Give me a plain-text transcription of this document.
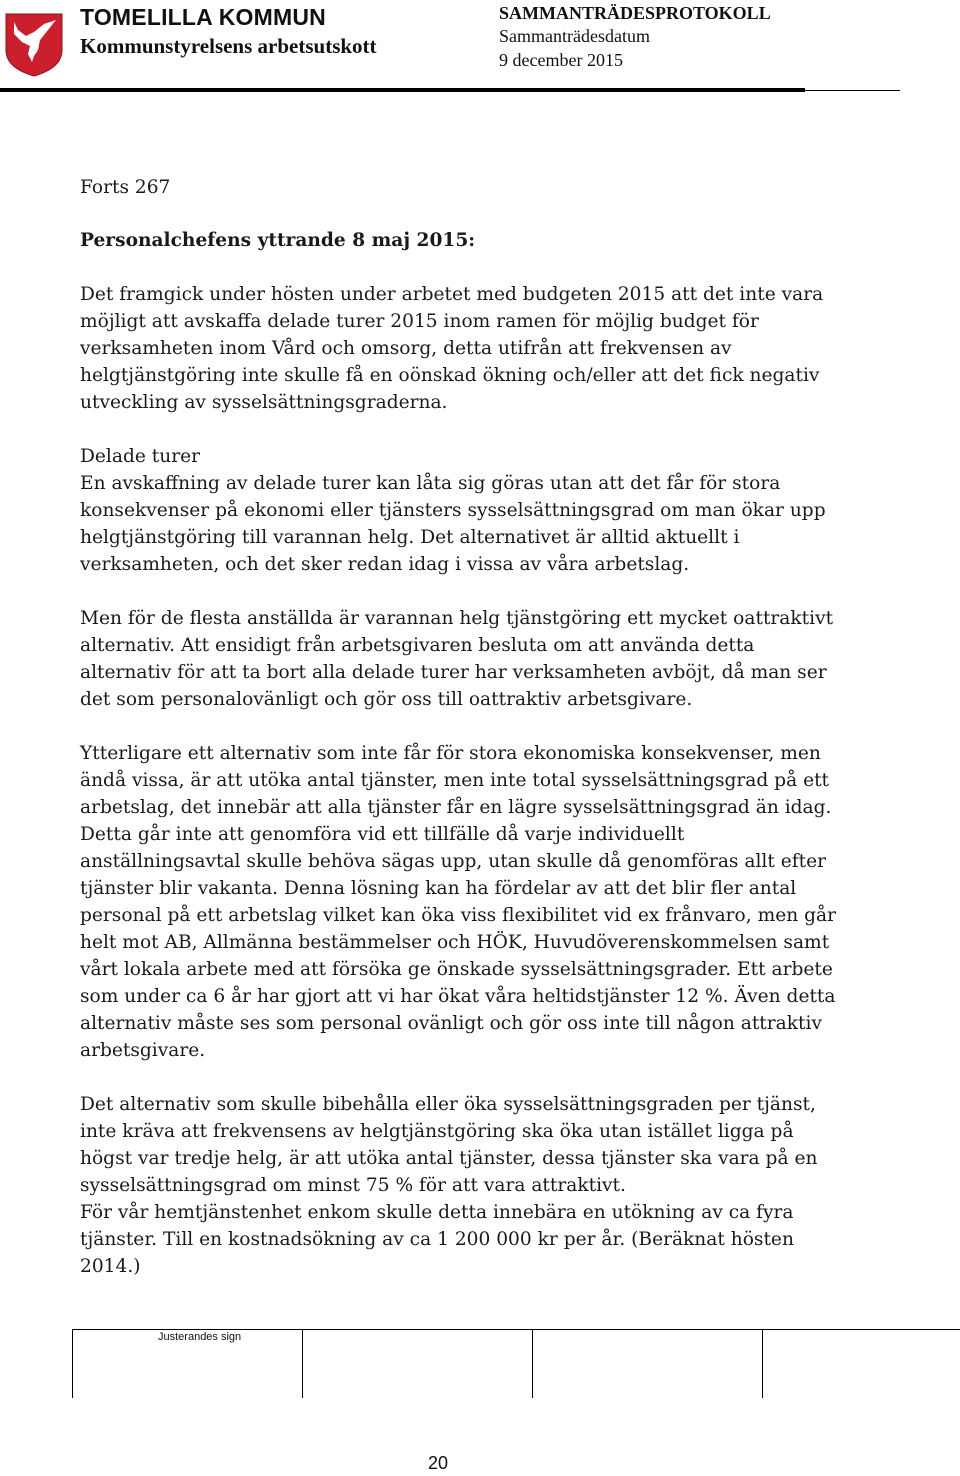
TOMELILLA KOMMUN
Kommunstyrelsens arbetsutskott
SAMMANTRÄDESPROTOKOLL
Sammanträdesdatum
9 december 2015

Forts 267

Personalchefens yttrande 8 maj 2015:

Det framgick under hösten under arbetet med budgeten 2015 att det inte vara möjligt att avskaffa delade turer 2015 inom ramen för möjlig budget för verksamheten inom Vård och omsorg, detta utifrån att frekvensen av helgtjänstgöring inte skulle få en oönskad ökning och/eller att det fick negativ utveckling av sysselsättningsgraderna.

Delade turer

En avskaffning av delade turer kan låta sig göras utan att det får för stora konsekvenser på ekonomi eller tjänsters sysselsättningsgrad om man ökar upp helgtjänstgöring till varannan helg. Det alternativet är alltid aktuellt i verksamheten, och det sker redan idag i vissa av våra arbetslag.

Men för de flesta anställda är varannan helg tjänstgöring ett mycket oattraktivt alternativ. Att ensidigt från arbetsgivaren besluta om att använda detta alternativ för att ta bort alla delade turer har verksamheten avböjt, då man ser det som personalovänligt och gör oss till oattraktiv arbetsgivare.

Ytterligare ett alternativ som inte får för stora ekonomiska konsekvenser, men ändå vissa, är att utöka antal tjänster, men inte total sysselsättningsgrad på ett arbetslag, det innebär att alla tjänster får en lägre sysselsättningsgrad än idag. Detta går inte att genomföra vid ett tillfälle då varje individuellt anställningsavtal skulle behöva sägas upp, utan skulle då genomföras allt efter tjänster blir vakanta. Denna lösning kan ha fördelar av att det blir fler antal personal på ett arbetslag vilket kan öka viss flexibilitet vid ex frånvaro, men går helt mot AB, Allmänna bestämmelser och HÖK, Huvudöverenskommelsen samt vårt lokala arbete med att försöka ge önskade sysselsättningsgrader. Ett arbete som under ca 6 år har gjort att vi har ökat våra heltidstjänster 12 %. Även detta alternativ måste ses som personal ovänligt och gör oss inte till någon attraktiv arbetsgivare.

Det alternativ som skulle bibehålla eller öka sysselsättningsgraden per tjänst, inte kräva att frekvensens av helgtjänstgöring ska öka utan istället ligga på högst var tredje helg, är att utöka antal tjänster, dessa tjänster ska vara på en sysselsättningsgrad om minst 75 % för att vara attraktivt.

För vår hemtjänstenhet enkom skulle detta innebära en utökning av ca fyra tjänster. Till en kostnadsökning av ca 1 200 000 kr per år. (Beräknat hösten 2014.)

Justerandes sign
20
